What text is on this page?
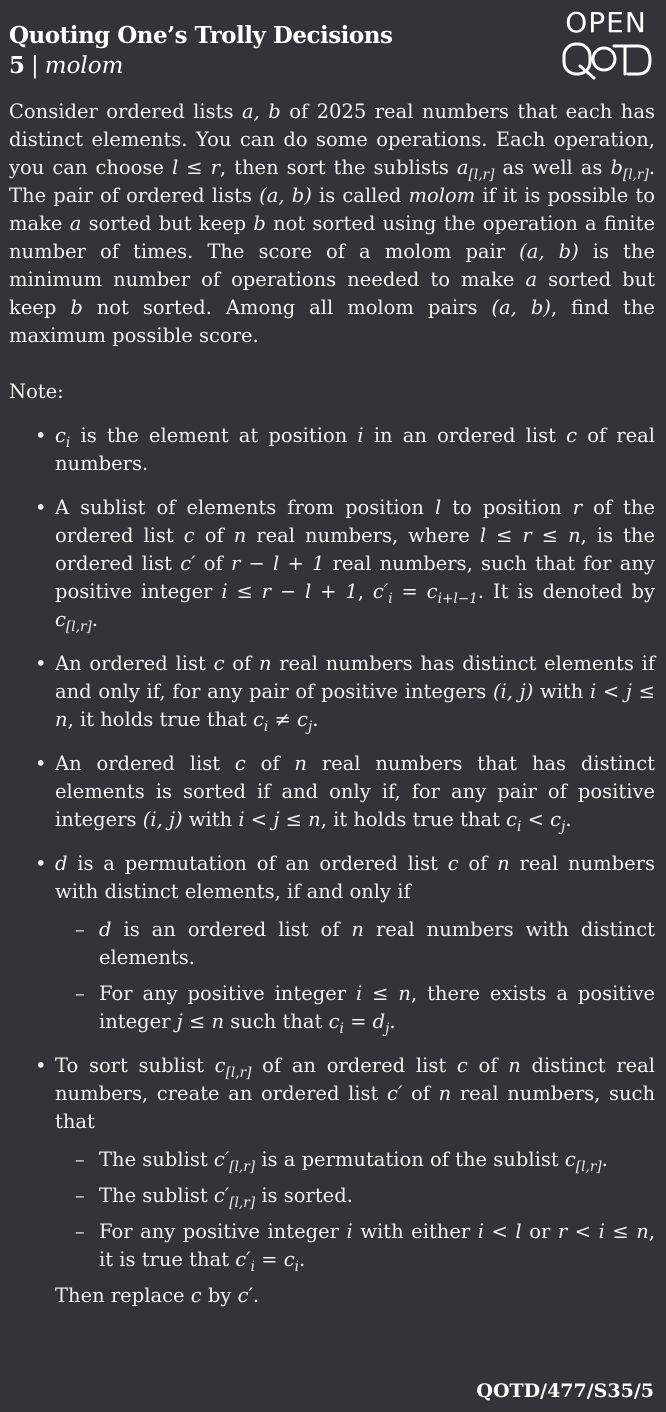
Quoting One’s Trolly Decisions
5 | molom
OPEN

Consider ordered lists a, b of 2025 real numbers that each has distinct elements. You can do some operations. Each operation, you can choose l ≤ r, then sort the sublists $a_{[l,r]}$ as well as $b_{[l,r]}$. The pair of ordered lists (a, b) is called molom if it is possible to make a sorted but keep b not sorted using the operation a finite number of times. The score of a molom pair (a, b) is the minimum number of operations needed to make a sorted but keep b not sorted. Among all molom pairs (a, b), find the maximum possible score.

Note:

• $c_i$ is the element at position i in an ordered list c of real numbers.
• A sublist of elements from position l to position r of the ordered list c of n real numbers, where l ≤ r ≤ n, is the ordered list c′ of r − l + 1 real numbers, such that for any positive integer i ≤ r − l + 1, $c'_i = c_{i+l-1}$. It is denoted by $c_{[l,r]}$.
• An ordered list c of n real numbers has distinct elements if and only if, for any pair of positive integers (i, j) with i < j ≤ n, it holds true that $c_i \ne c_j$.
• An ordered list c of n real numbers that has distinct elements is sorted if and only if, for any pair of positive integers (i, j) with i < j ≤ n, it holds true that $c_i < c_j$.
• d is a permutation of an ordered list c of n real numbers with distinct elements, if and only if
– d is an ordered list of n real numbers with distinct elements.
– For any positive integer i ≤ n, there exists a positive integer j ≤ n such that $c_i = d_j$.
• To sort sublist $c_{[l,r]}$ of an ordered list c of n distinct real numbers, create an ordered list c′ of n real numbers, such that
– The sublist $c'_{[l,r]}$ is a permutation of the sublist $c_{[l,r]}$.
– The sublist $c'_{[l,r]}$ is sorted.
– For any positive integer i with either i < l or r < i ≤ n, it is true that $c'_i = c_i$.

Then replace c by c′.

QOTD/477/S35/5
